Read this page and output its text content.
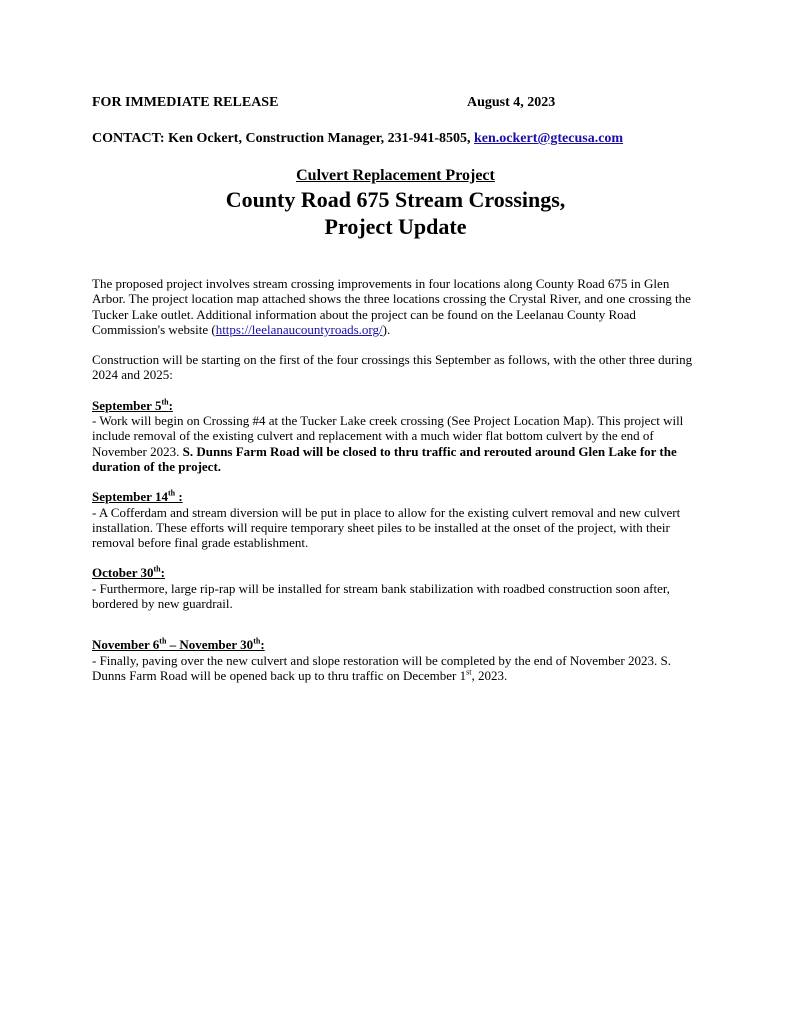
FOR IMMEDIATE RELEASE	August 4, 2023
CONTACT: Ken Ockert, Construction Manager, 231-941-8505, ken.ockert@gtecusa.com
Culvert Replacement Project
County Road 675 Stream Crossings,
Project Update

The proposed project involves stream crossing improvements in four locations along County Road 675 in Glen Arbor. The project location map attached shows the three locations crossing the Crystal River, and one crossing the Tucker Lake outlet. Additional information about the project can be found on the Leelanau County Road Commission's website (https://leelanaucountyroads.org/).

Construction will be starting on the first of the four crossings this September as follows, with the other three during 2024 and 2025:

September 5th:

- Work will begin on Crossing #4 at the Tucker Lake creek crossing (See Project Location Map). This project will include removal of the existing culvert and replacement with a much wider flat bottom culvert by the end of November 2023. S. Dunns Farm Road will be closed to thru traffic and rerouted around Glen Lake for the duration of the project.

September 14th :

- A Cofferdam and stream diversion will be put in place to allow for the existing culvert removal and new culvert installation. These efforts will require temporary sheet piles to be installed at the onset of the project, with their removal before final grade establishment.

October 30th:

- Furthermore, large rip-rap will be installed for stream bank stabilization with roadbed construction soon after, bordered by new guardrail.

November 6th – November 30th:

- Finally, paving over the new culvert and slope restoration will be completed by the end of November 2023. S. Dunns Farm Road will be opened back up to thru traffic on December 1st, 2023.
